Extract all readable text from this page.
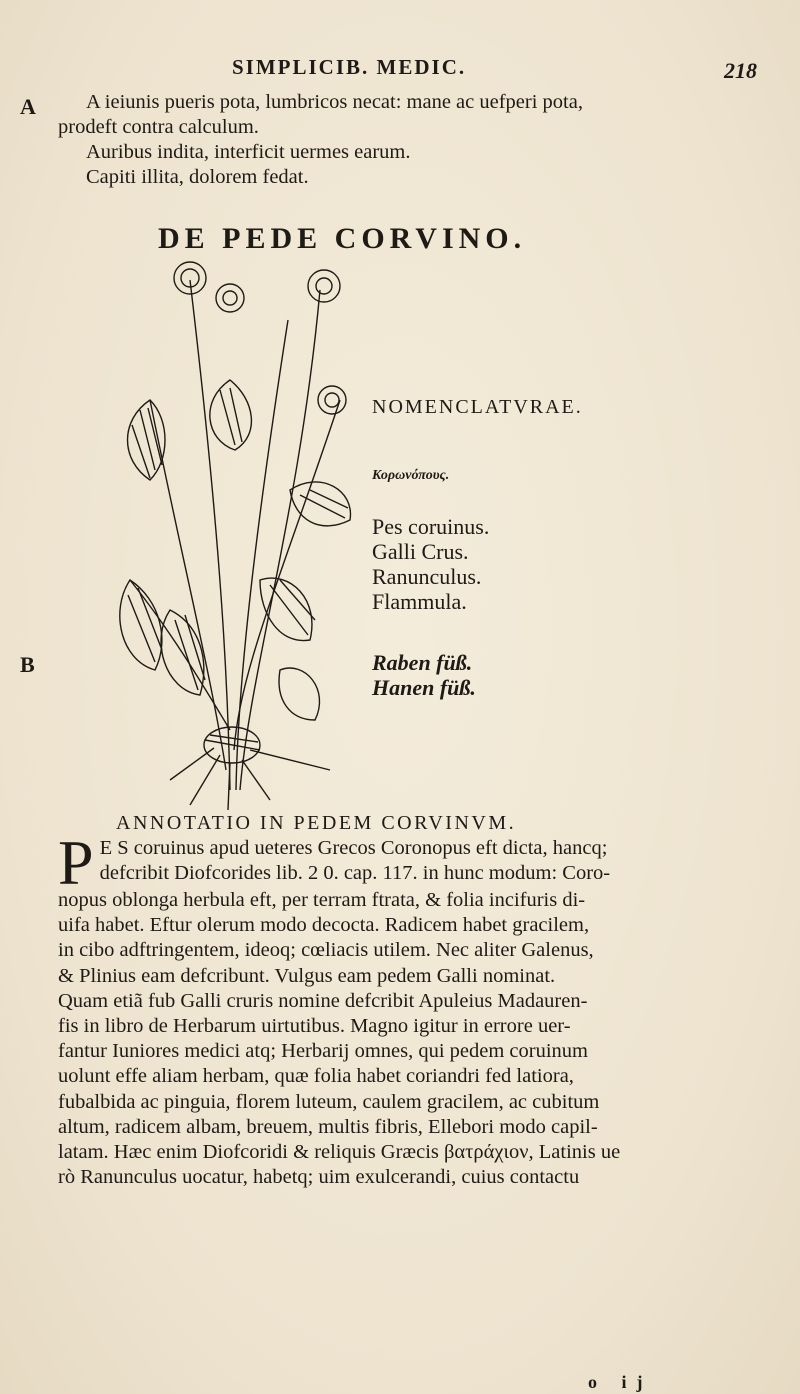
SIMPLICIB. MEDIC.	218
A
B
A ieiunis pueris pota, lumbricos necat: mane ac uefperi pota,
prodeft contra calculum.
Auribus indita, interficit uermes earum.
Capiti illita, dolorem fedat.
DE PEDE CORVINO.
NOMENCLATVRAE.
Κορωνόπους.
Pes coruinus.
Galli Crus.
Ranunculus.
Flammula.
Raben füß.
Hanen füß.
ANNOTATIO IN PEDEM CORVINVM.
P E S coruinus apud ueteres Grecos Coronopus eft dicta, hancq;
defcribit Diofcorides lib. 2 0. cap. 117. in hunc modum: Coro-
nopus oblonga herbula eft, per terram ftrata, & folia incifuris di-
uifa habet. Eftur olerum modo decocta. Radicem habet gracilem,
in cibo adftringentem, ideoq; cœliacis utilem. Nec aliter Galenus,
& Plinius eam defcribunt. Vulgus eam pedem Galli nominat.
Quam etiã fub Galli cruris nomine defcribit Apuleius Madauren-
fis in libro de Herbarum uirtutibus. Magno igitur in errore uer-
fantur Iuniores medici atq; Herbarij omnes, qui pedem coruinum
uolunt effe aliam herbam, quæ folia habet coriandri fed latiora,
fubalbida ac pinguia, florem luteum, caulem gracilem, ac cubitum
altum, radicem albam, breuem, multis fibris, Ellebori modo capil-
latam. Hæc enim Diofcoridi & reliquis Græcis βατράχιον, Latinis ue
rò Ranunculus uocatur, habetq; uim exulcerandi, cuius contactu
o ij
